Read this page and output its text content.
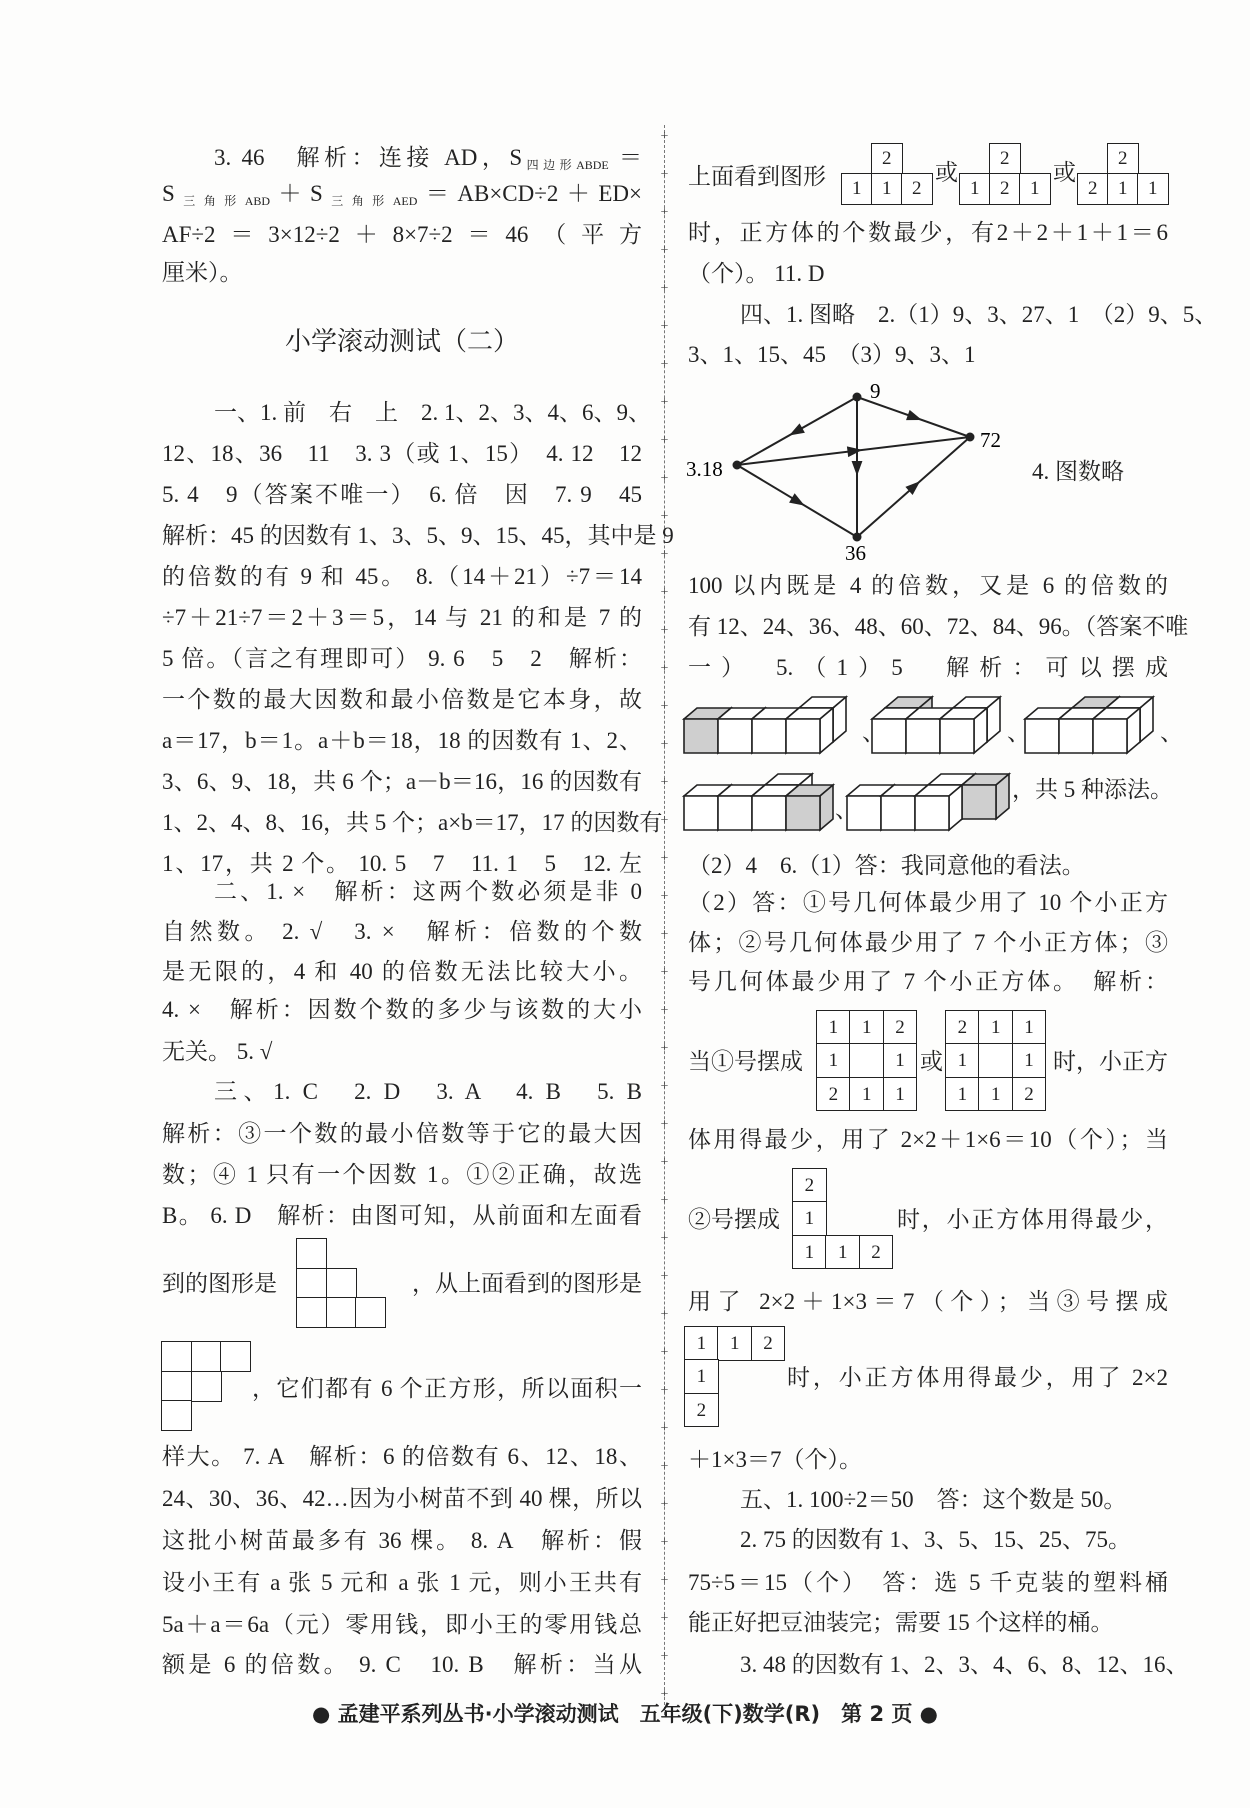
+
+
+
+
+
+
+
+
+
+
+
+
+
+
+
+
+
+
+
+
+
+
+
+
+
+
+
+
+
+
+
+
+
+
+
+
+
+
+
+
+
+
3. 46　解析：连接 AD，$S_{四边形ABDE}$ ＝
$S_{三角形ABD}+S_{三角形AED}=AB\times CD\div 2+ED\times$
AF÷2＝3×12÷2＋8×7÷2＝46（平方
厘米）。
小学滚动测试（二）
一、1. 前　右　上　2. 1、2、3、4、6、9、
12、18、36　11　3. 3（或 1、15）　4. 12　12
5. 4　9（答案不唯一）　6. 倍　因　7. 9　45
解析：45 的因数有 1、3、5、9、15、45，其中是 9
的倍数的有 9 和 45。 8.（14＋21）÷7＝14
÷7＋21÷7＝2＋3＝5，14 与 21 的和是 7 的
5 倍。（言之有理即可） 9. 6　5　2　解析：
一个数的最大因数和最小倍数是它本身，故
a＝17，b＝1。a＋b＝18，18 的因数有 1、2、
3、6、9、18，共 6 个；a－b＝16，16 的因数有
1、2、4、8、16，共 5 个；a×b＝17，17 的因数有
1、17，共 2 个。 10. 5　7　11. 1　5　12. 左
二、1. ×　解析：这两个数必须是非 0
自然数。 2. √　3. ×　解析：倍数的个数
是无限的，4 和 40 的倍数无法比较大小。
4. ×　解析：因数个数的多少与该数的大小
无关。 5. √
三、1. C　2. D　3. A　4. B　5. B
解析：③一个数的最小倍数等于它的最大因
数；④ 1 只有一个因数 1。①②正确，故选
B。 6. D　解析：由图可知，从前面和左面看
到的图形是	，从上面看到的图形是
，它们都有 6 个正方形，所以面积一
样大。 7. A　解析：6 的倍数有 6、12、18、
24、30、36、42…因为小树苗不到 40 棵，所以
这批小树苗最多有 36 棵。 8. A　解析：假
设小王有 a 张 5 元和 a 张 1 元，则小王共有
5a＋a＝6a（元）零用钱，即小王的零用钱总
额是 6 的倍数。 9. C　10. B　解析：当从
上面看到图形
2
1	1	2
或
2
1	2	1
或
2
2	1	1
时，正方体的个数最少，有2＋2＋1＋1＝6
（个）。 11. D
四、1. 图略　2.（1）9、3、27、1　（2）9、5、
3、1、15、45　（3）9、3、1
9
72
3.18
36
4. 图数略
100 以内既是 4 的倍数，又是 6 的倍数的
有 12、24、36、48、60、72、84、96。（答案不唯
一）　5.（1）5　解析：可以摆成
、	、	、
、
，共 5 种添法。
（2）4　6.（1）答：我同意他的看法。
（2）答：①号几何体最少用了 10 个小正方
体；②号几何体最少用了 7 个小正方体；③
号几何体最少用了 7 个小正方体。　解析：
当①号摆成
1	1	2
1	1
2	1	1
或
2	1	1
1	1
1	1	2
时，小正方
体用得最少，用了 2×2＋1×6＝10（个）；当
②号摆成
2
1
1	1	2
时，小正方体用得最少，
用了 2×2＋1×3＝7（个）；当③号摆成
1	1	2
1
2
时，小正方体用得最少，用了 2×2
＋1×3＝7（个）。
五、1. 100÷2＝50　答：这个数是 50。
2. 75 的因数有 1、3、5、15、25、75。
75÷5＝15（个）　答：选 5 千克装的塑料桶
能正好把豆油装完；需要 15 个这样的桶。
3. 48 的因数有 1、2、3、4、6、8、12、16、
● 孟建平系列丛书·小学滚动测试　五年级(下)数学(R)　第 2 页 ●
